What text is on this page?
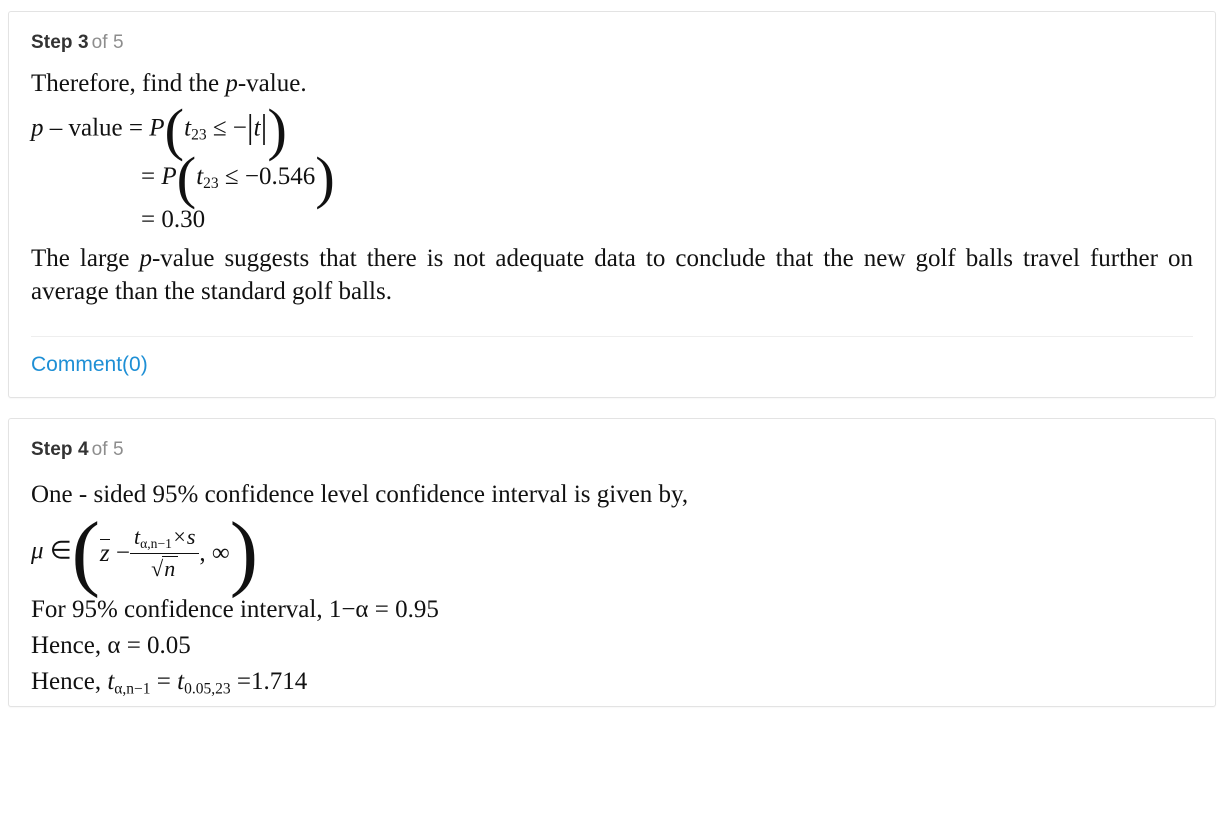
Step 3 of 5
Therefore, find the p-value.
p – value = $P(t_{23} \le -|t|)$
= $P(t_{23} \le -0.546)$
= 0.30
The large p-value suggests that there is not adequate data to conclude that the new golf balls travel further on average than the standard golf balls.
Comment(0)
Step 4 of 5
One - sided 95% confidence level confidence interval is given by,
μ ∈(z − $\frac{t_{\alpha,n-1}\times s}{√n}$ , ∞)
For 95% confidence interval, 1−α = 0.95
Hence, α = 0.05
Hence, $t_{\alpha,n-1} = t_{0.05,23} =1.714$
